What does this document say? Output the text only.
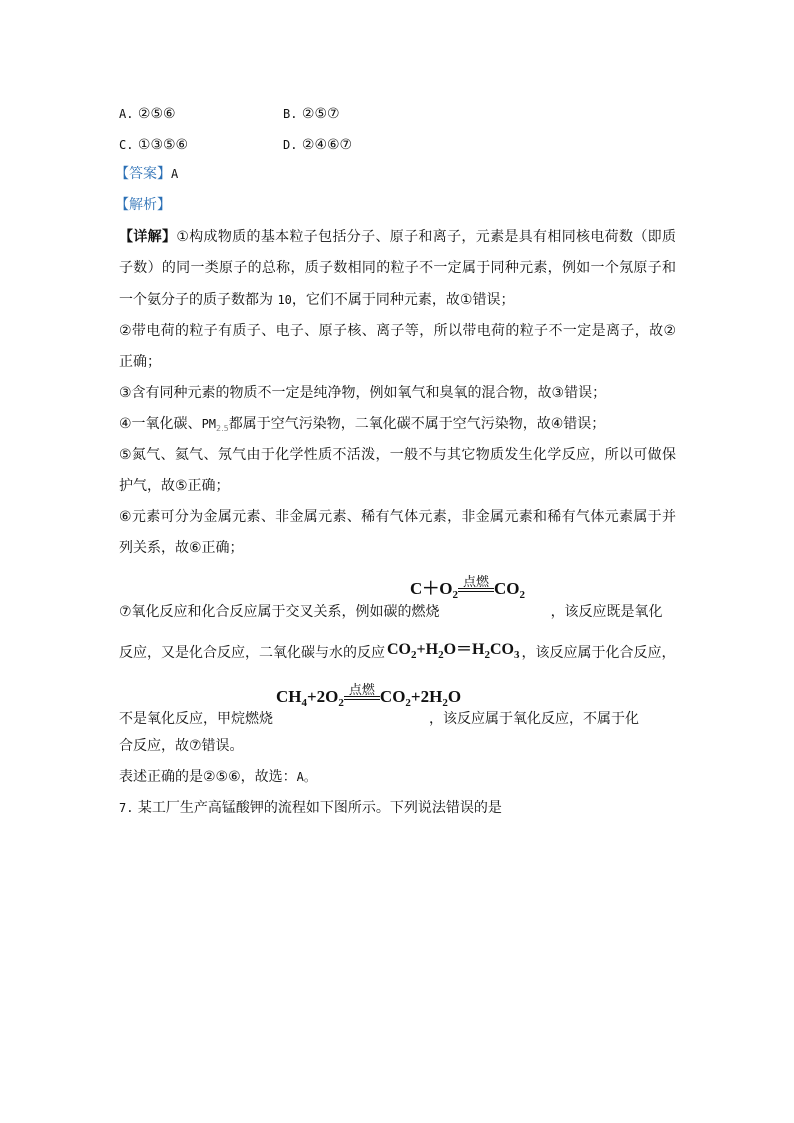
A. ②⑤⑥	B. ②⑤⑦
C. ①③⑤⑥	D. ②④⑥⑦
【答案】A
【解析】
【详解】①构成物质的基本粒子包括分子、原子和离子，元素是具有相同核电荷数（即质
子数）的同一类原子的总称，质子数相同的粒子不一定属于同种元素，例如一个氖原子和
一个氨分子的质子数都为 10，它们不属于同种元素，故①错误；
②带电荷的粒子有质子、电子、原子核、离子等，所以带电荷的粒子不一定是离子，故②
正确；
③含有同种元素的物质不一定是纯净物，例如氧气和臭氧的混合物，故③错误；
④一氧化碳、$PM_{2.5}$都属于空气污染物，二氧化碳不属于空气污染物，故④错误；
⑤氮气、氦气、氖气由于化学性质不活泼，一般不与其它物质发生化学反应，所以可做保
护气，故⑤正确；
⑥元素可分为金属元素、非金属元素、稀有气体元素，非金属元素和稀有气体元素属于并
列关系，故⑥正确；
$C+O_2$
点燃 $CO_2$
⑦氧化反应和化合反应属于交叉关系，例如碳的燃烧	，该反应既是氧化
反应，又是化合反应，二氧化碳与水的反应 $CO_2+H_2O=H_2CO_3$ ，该反应属于化合反应，
$CH_4+2O_2$
点燃 $CO_2+2H_2O$
不是氧化反应，甲烷燃烧	，该反应属于氧化反应，不属于化
合反应，故⑦错误。
表述正确的是②⑤⑥，故选：A。
7. 某工厂生产高锰酸钾的流程如下图所示。下列说法错误的是
